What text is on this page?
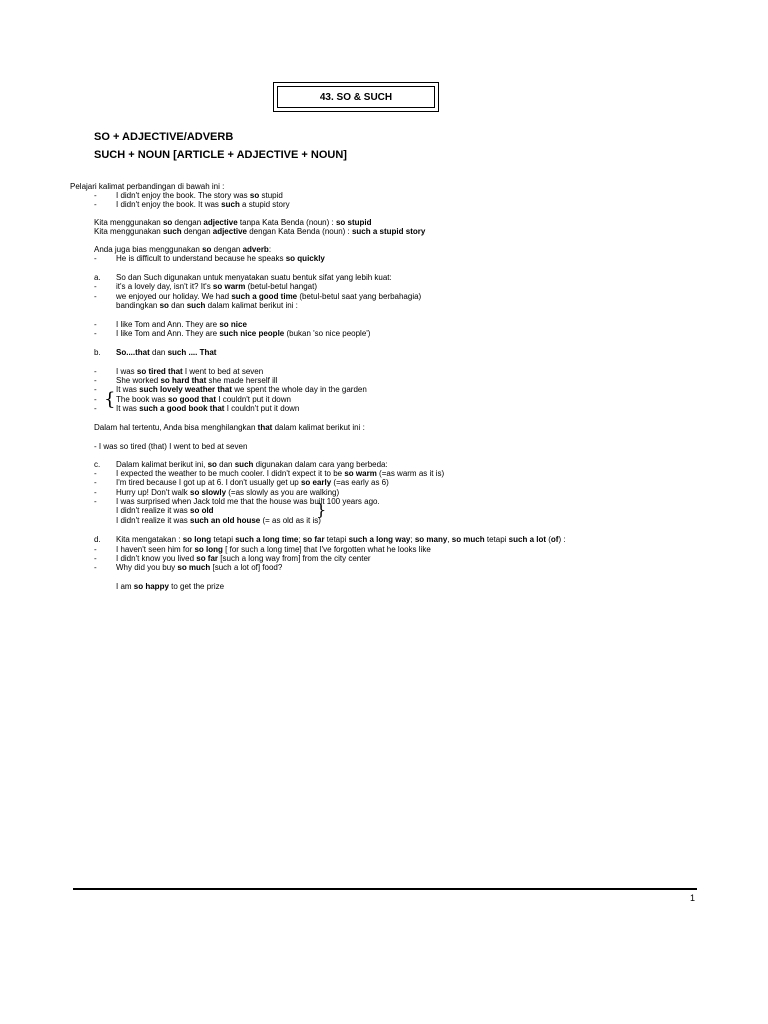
43. SO & SUCH
SO + ADJECTIVE/ADVERB
SUCH + NOUN [ARTICLE + ADJECTIVE + NOUN]
Pelajari kalimat perbandingan di bawah ini :
- I didn't enjoy the book. The story was so stupid
- I didn't enjoy the book. It was such a stupid story
Kita menggunakan so dengan adjective tanpa Kata Benda (noun) : so stupid
Kita menggunakan such dengan adjective dengan Kata Benda (noun) : such a stupid story
Anda juga bias menggunakan so dengan adverb:
- He is difficult to understand because he speaks so quickly
a. So dan Such digunakan untuk menyatakan suatu bentuk sifat yang lebih kuat:
- it's a lovely day, isn't it? It's so warm (betul-betul hangat)
- we enjoyed our holiday. We had such a good time (betul-betul saat yang berbahagia)
bandingkan so dan such dalam kalimat berikut ini :
- I like Tom and Ann. They are so nice
- I like Tom and Ann. They are such nice people (bukan 'so nice people')
b. So....that dan such .... That
- I was so tired that I went to bed at seven
- She worked so hard that she made herself ill
- It was such lovely weather that we spent the whole day in the garden
- The book was so good that I couldn't put it down
- It was such a good book that I couldn't put it down
Dalam hal tertentu, Anda bisa menghilangkan that dalam kalimat berikut ini :
- I was so tired (that) I went to bed at seven
c. Dalam kalimat berikut ini, so dan such digunakan dalam cara yang berbeda:
- I expected the weather to be much cooler. I didn't expect it to be so warm (=as warm as it is)
- I'm tired because I got up at 6. I don't usually get up so early (=as early as 6)
- Hurry up! Don't walk so slowly (=as slowly as you are walking)
- I was surprised when Jack told me that the house was built 100 years ago.
I didn't realize it was so old
I didn't realize it was such an old house (= as old as it is)
d. Kita mengatakan : so long tetapi such a long time; so far tetapi such a long way; so many, so much tetapi such a lot (of) :
- I haven't seen him for so long [ for such a long time] that I've forgotten what he looks like
- I didn't know you lived so far [such a long way from] from the city center
- Why did you buy so much [such a lot of] food?
I am so happy to get the prize
{
{
1
